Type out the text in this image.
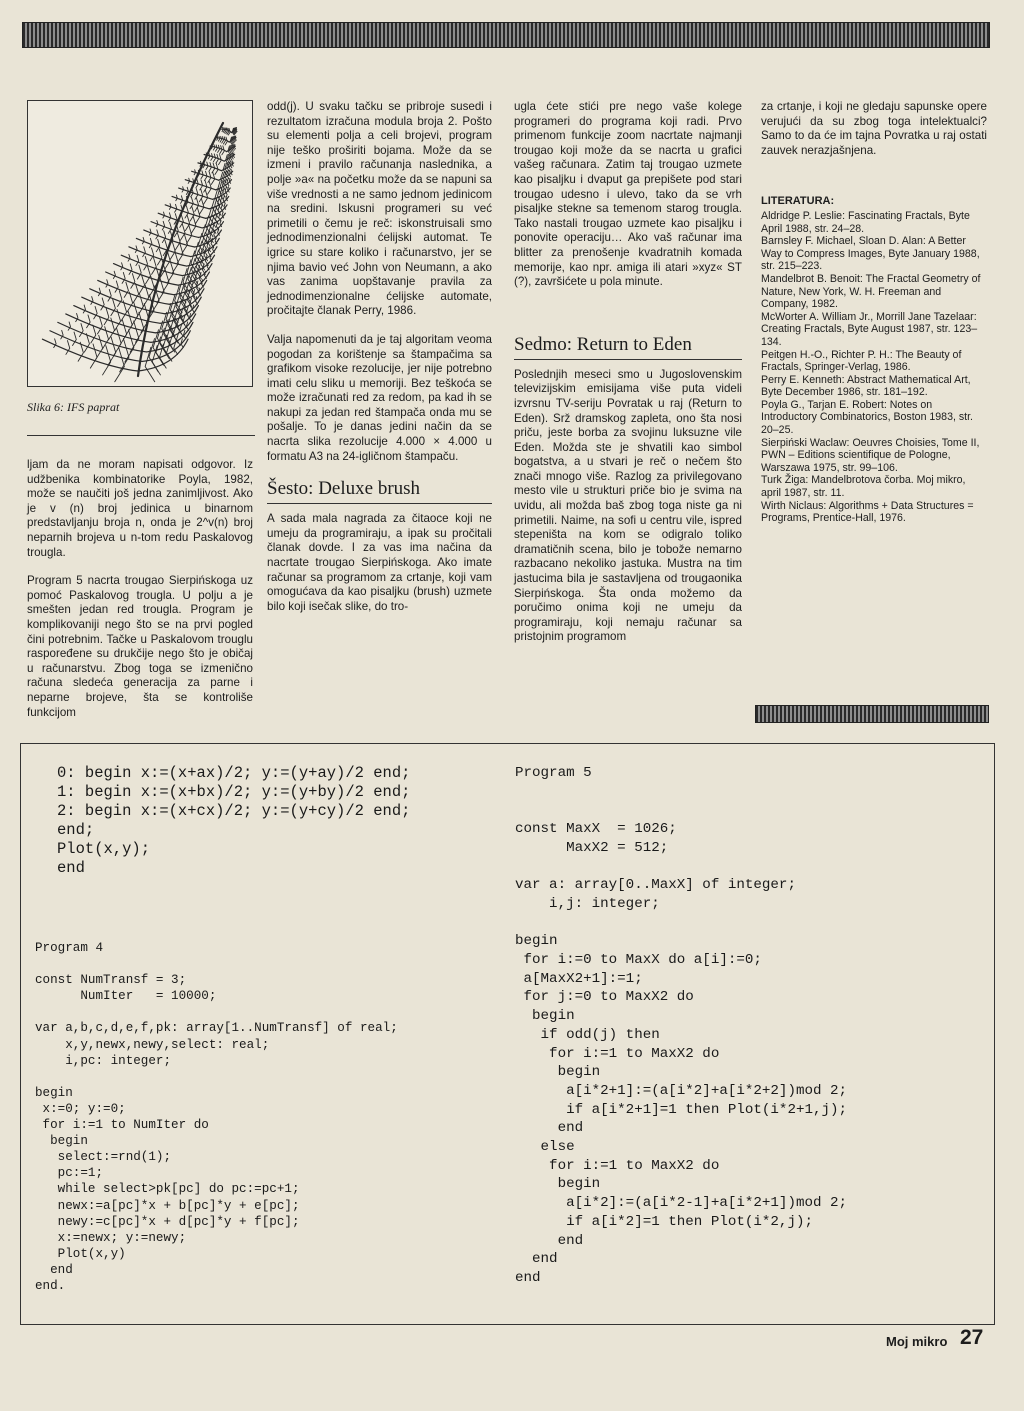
Slika 6: IFS paprat

ljam da ne moram napisati odgovor. Iz udžbenika kombinatorike Poyla, 1982, može se naučiti još jedna zanimljivost. Ako je v (n) broj jedinica u binarnom predstavljanju broja n, onda je 2^v(n) broj neparnih brojeva u n-tom redu Paskalovog trougla.

Program 5 nacrta trougao Sierpińskoga uz pomoć Paskalovog trougla. U polju a je smešten jedan red trougla. Program je komplikovaniji nego što se na prvi pogled čini potrebnim. Tačke u Paskalovom trouglu raspoređene su drukčije nego što je običaj u računarstvu. Zbog toga se izmenično računa sledeća generacija za parne i neparne brojeve, šta se kontroliše funkcijom

odd(j). U svaku tačku se pribroje susedi i rezultatom izračuna modula broja 2. Pošto su elementi polja a celi brojevi, program nije teško proširiti bojama. Može da se izmeni i pravilo računanja naslednika, a polje »a« na početku može da se napuni sa više vrednosti a ne samo jednom jedinicom na sredini. Iskusni programeri su već primetili o čemu je reč: iskonstruisali smo jednodimenzionalni ćelijski automat. Te igrice su stare koliko i računarstvo, jer se njima bavio već John von Neumann, a ako vas zanima uopštavanje pravila za jednodimenzionalne ćelijske automate, pročitajte članak Perry, 1986.

Valja napomenuti da je taj algoritam veoma pogodan za korištenje sa štampačima sa grafikom visoke rezolucije, jer nije potrebno imati celu sliku u memoriji. Bez teškoća se može izračunati red za redom, pa kad ih se nakupi za jedan red štampača onda mu se pošalje. To je danas jedini način da se nacrta slika rezolucije 4.000 × 4.000 u formatu A3 na 24-igličnom štampaču.

Šesto: Deluxe brush

A sada mala nagrada za čitaoce koji ne umeju da programiraju, a ipak su pročitali članak dovde. I za vas ima načina da nacrtate trougao Sierpińskoga. Ako imate računar sa programom za crtanje, koji vam omogućava da kao pisaljku (brush) uzmete bilo koji isečak slike, do tro-

ugla ćete stići pre nego vaše kolege programeri do programa koji radi. Prvo primenom funkcije zoom nacrtate najmanji trougao koji može da se nacrta u grafici vašeg računara. Zatim taj trougao uzmete kao pisaljku i dvaput ga prepišete pod stari trougao udesno i ulevo, tako da se vrh pisaljke stekne sa temenom starog trougla. Tako nastali trougao uzmete kao pisaljku i ponovite operaciju… Ako vaš računar ima blitter za prenošenje kvadratnih komada memorije, kao npr. amiga ili atari »xyz« ST (?), završićete u pola minute.

Sedmo: Return to Eden

Poslednjih meseci smo u Jugoslovenskim televizijskim emisijama više puta videli izvrsnu TV-seriju Povratak u raj (Return to Eden). Srž dramskog zapleta, ono šta nosi priču, jeste borba za svojinu luksuzne vile Eden. Možda ste je shvatili kao simbol bogatstva, a u stvari je reč o nečem što znači mnogo više. Razlog za privilegovano mesto vile u strukturi priče bio je svima na uvidu, ali možda baš zbog toga niste ga ni primetili. Naime, na sofi u centru vile, ispred stepeništa na kom se odigralo toliko dramatičnih scena, bilo je tobože nemarno razbacano nekoliko jastuka. Mustra na tim jastucima bila je sastavljena od trougaonika Sierpińskoga. Šta onda možemo da poručimo onima koji ne umeju da programiraju, koji nemaju računar sa pristojnim programom

za crtanje, i koji ne gledaju sapunske opere verujući da su zbog toga intelektualci? Samo to da će im tajna Povratka u raj ostati zauvek nerazjašnjena.

LITERATURA:

Aldridge P. Leslie: Fascinating Fractals, Byte April 1988, str. 24–28.

Barnsley F. Michael, Sloan D. Alan: A Better Way to Compress Images, Byte January 1988, str. 215–223.

Mandelbrot B. Benoit: The Fractal Geometry of Nature, New York, W. H. Freeman and Company, 1982.

McWorter A. William Jr., Morrill Jane Tazelaar: Creating Fractals, Byte August 1987, str. 123–134.

Peitgen H.-O., Richter P. H.: The Beauty of Fractals, Springer-Verlag, 1986.

Perry E. Kenneth: Abstract Mathematical Art, Byte December 1986, str. 181–192.

Poyla G., Tarjan E. Robert: Notes on Introductory Combinatorics, Boston 1983, str. 20–25.

Sierpiński Waclaw: Oeuvres Choisies, Tome II, PWN – Editions scientifique de Pologne, Warszawa 1975, str. 99–106.

Turk Žiga: Mandelbrotova čorba. Moj mikro, april 1987, str. 11.

Wirth Niclaus: Algorithms + Data Structures = Programs, Prentice-Hall, 1976.

0: begin x:=(x+ax)/2; y:=(y+ay)/2 end;
1: begin x:=(x+bx)/2; y:=(y+by)/2 end;
2: begin x:=(x+cx)/2; y:=(y+cy)/2 end;
end;
Plot(x,y);
end
Program 4

const NumTransf = 3;
NumIter   = 10000;

var a,b,c,d,e,f,pk: array[1..NumTransf] of real;
x,y,newx,newy,select: real;
i,pc: integer;

begin
x:=0; y:=0;
for i:=1 to NumIter do
begin
select:=rnd(1);
pc:=1;
while select>pk[pc] do pc:=pc+1;
newx:=a[pc]*x + b[pc]*y + e[pc];
newy:=c[pc]*x + d[pc]*y + f[pc];
x:=newx; y:=newy;
Plot(x,y)
end
end.
Program 5

const MaxX  = 1026;
MaxX2 = 512;

var a: array[0..MaxX] of integer;
i,j: integer;

begin
for i:=0 to MaxX do a[i]:=0;
a[MaxX2+1]:=1;
for j:=0 to MaxX2 do
begin
if odd(j) then
for i:=1 to MaxX2 do
begin
a[i*2+1]:=(a[i*2]+a[i*2+2])mod 2;
if a[i*2+1]=1 then Plot(i*2+1,j);
end
else
for i:=1 to MaxX2 do
begin
a[i*2]:=(a[i*2-1]+a[i*2+1])mod 2;
if a[i*2]=1 then Plot(i*2,j);
end
end
end
Moj mikro 27
